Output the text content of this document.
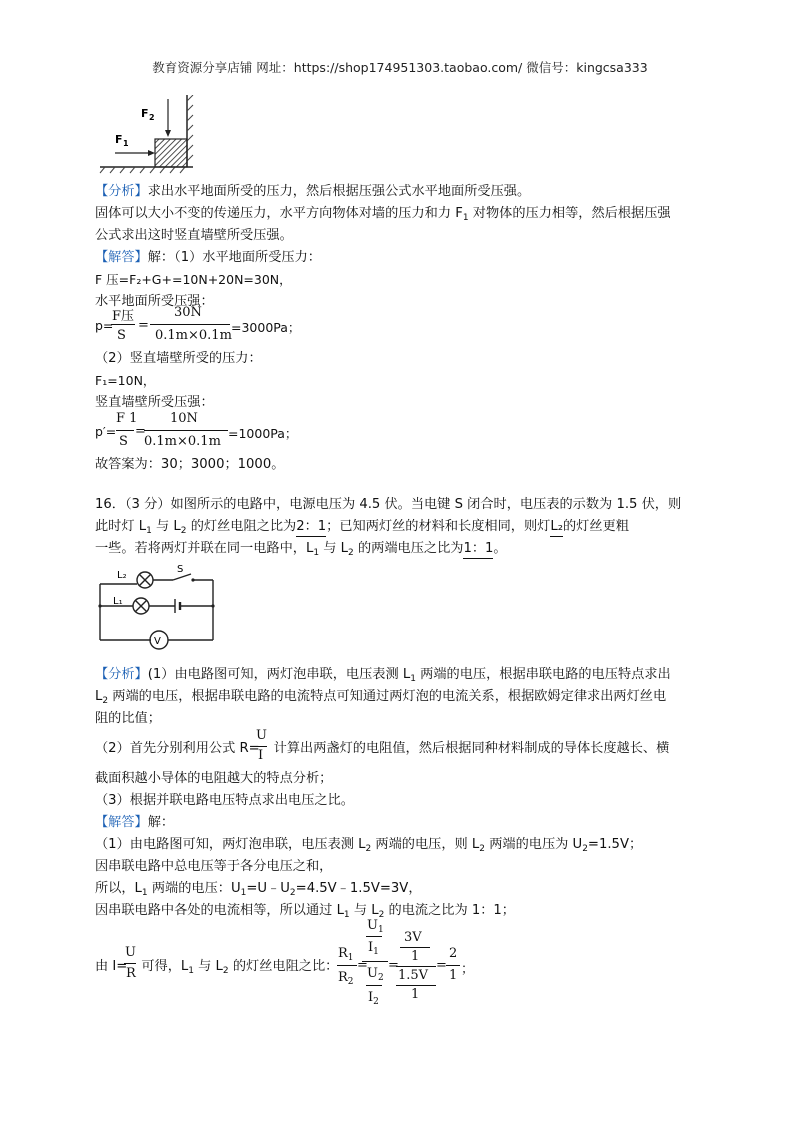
教育资源分享店铺 网址：https://shop174951303.taobao.com/ 微信号：kingcsa333
F 1
F 2
【分析】求出水平地面所受的压力，然后根据压强公式水平地面所受压强。
固体可以大小不变的传递压力，水平方向物体对墙的压力和力 $F_1$ 对物体的压力相等，然后根据压强
公式求出这时竖直墙壁所受压强。
【解答】解：（1）水平地面所受压力：
F 压=F₂+G+=10N+20N=30N，
水平地面所受压强：
p=
F压
S
=
30N
0.1m×0.1m
=3000Pa；
（2）竖直墙壁所受的压力：
F₁=10N，
竖直墙壁所受压强：
p′=
F 1
S
=
10N
0.1m×0.1m
=1000Pa；
故答案为：30；3000；1000。
16．（3 分）如图所示的电路中，电源电压为 4.5 伏。当电键 S 闭合时，电压表的示数为 1.5 伏，则
此时灯 $L_1$ 与 $L_2$ 的灯丝电阻之比为2：1；已知两灯丝的材料和长度相同，则灯L₂的灯丝更粗
一些。若将两灯并联在同一电路中，$L_1$ 与 $L_2$ 的两端电压之比为1：1。
L₂
L₁
S
V
【分析】(1）由电路图可知，两灯泡串联，电压表测 $L_1$ 两端的电压，根据串联电路的电压特点求出
$L_2$ 两端的电压，根据串联电路的电流特点可知通过两灯泡的电流关系，根据欧姆定律求出两灯丝电
阻的比值；
（2）首先分别利用公式 R= 计算出两盏灯的电阻值，然后根据同种材料制成的导体长度越长、横
U
I
截面积越小导体的电阻越大的特点分析；
（3）根据并联电路电压特点求出电压之比。
【解答】解：
（1）由电路图可知，两灯泡串联，电压表测 $L_2$ 两端的电压，则 $L_2$ 两端的电压为 $U_2=1.5V$；
因串联电路中总电压等于各分电压之和，
所以，$L_1$ 两端的电压：$U_1=U﹣U_2=4.5V﹣1.5V=3V$，
因串联电路中各处的电流相等，所以通过 $L_1$ 与 $L_2$ 的电流之比为 1：1；
由 I= 可得，$L_1$ 与 $L_2$ 的灯丝电阻之比：
U
R
$R_1$
$R_2$
=
$U_1$
$I_1$
$U_2$
$I_2$
=
3V
1
1.5V
1
=
2
1 ；
